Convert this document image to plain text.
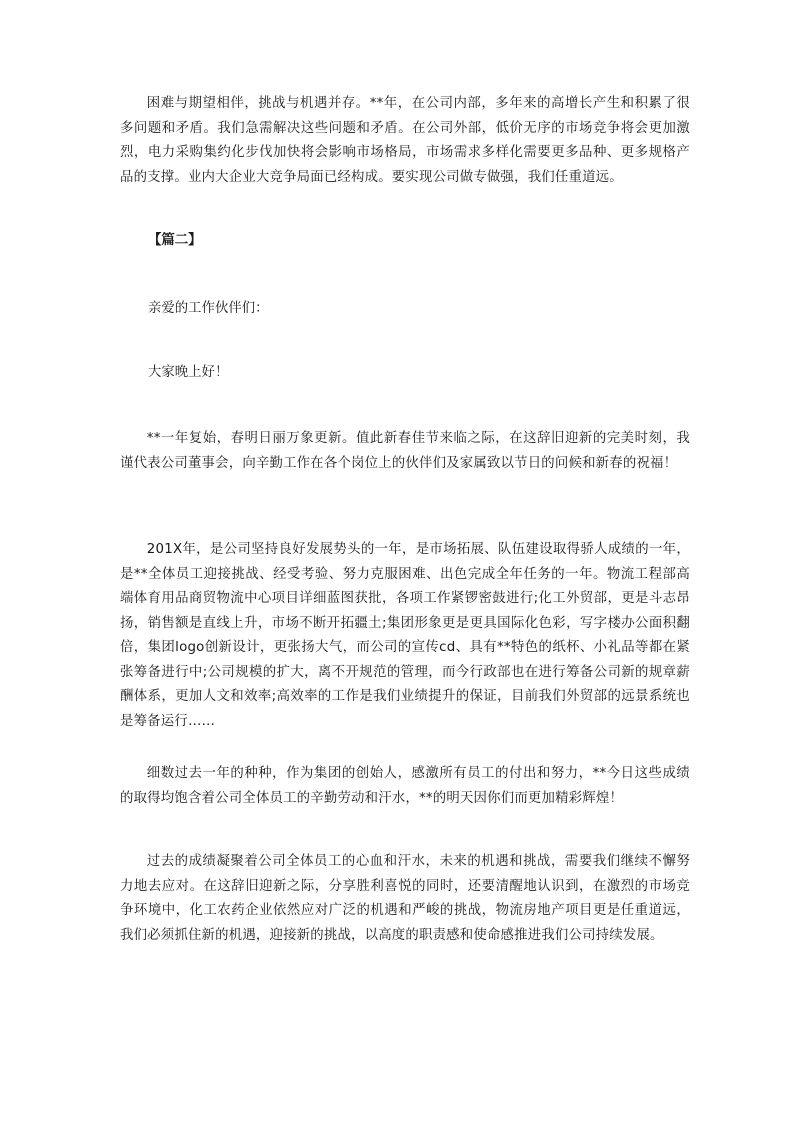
困难与期望相伴，挑战与机遇并存。**年，在公司内部，多年来的高增长产生和积累了很多问题和矛盾。我们急需解决这些问题和矛盾。在公司外部，低价无序的市场竞争将会更加激烈，电力采购集约化步伐加快将会影响市场格局，市场需求多样化需要更多品种、更多规格产品的支撑。业内大企业大竞争局面已经构成。要实现公司做专做强，我们任重道远。

【篇二】

亲爱的工作伙伴们：

大家晚上好！

**一年复始，春明日丽万象更新。值此新春佳节来临之际，在这辞旧迎新的完美时刻，我谨代表公司董事会，向辛勤工作在各个岗位上的伙伴们及家属致以节日的问候和新春的祝福！

201X年，是公司坚持良好发展势头的一年，是市场拓展、队伍建设取得骄人成绩的一年，是**全体员工迎接挑战、经受考验、努力克服困难、出色完成全年任务的一年。物流工程部高端体育用品商贸物流中心项目详细蓝图获批，各项工作紧锣密鼓进行;化工外贸部，更是斗志昂扬，销售额是直线上升，市场不断开拓疆土;集团形象更是更具国际化色彩，写字楼办公面积翻倍，集团logo创新设计，更张扬大气，而公司的宣传cd、具有**特色的纸杯、小礼品等都在紧张筹备进行中;公司规模的扩大，离不开规范的管理，而今行政部也在进行筹备公司新的规章薪酬体系，更加人文和效率;高效率的工作是我们业绩提升的保证，目前我们外贸部的远景系统也是筹备运行……

细数过去一年的种种，作为集团的创始人，感激所有员工的付出和努力，**今日这些成绩的取得均饱含着公司全体员工的辛勤劳动和汗水，**的明天因你们而更加精彩辉煌！

过去的成绩凝聚着公司全体员工的心血和汗水，未来的机遇和挑战，需要我们继续不懈努力地去应对。在这辞旧迎新之际，分享胜利喜悦的同时，还要清醒地认识到，在激烈的市场竞争环境中，化工农药企业依然应对广泛的机遇和严峻的挑战，物流房地产项目更是任重道远，我们必须抓住新的机遇，迎接新的挑战，以高度的职责感和使命感推进我们公司持续发展。
